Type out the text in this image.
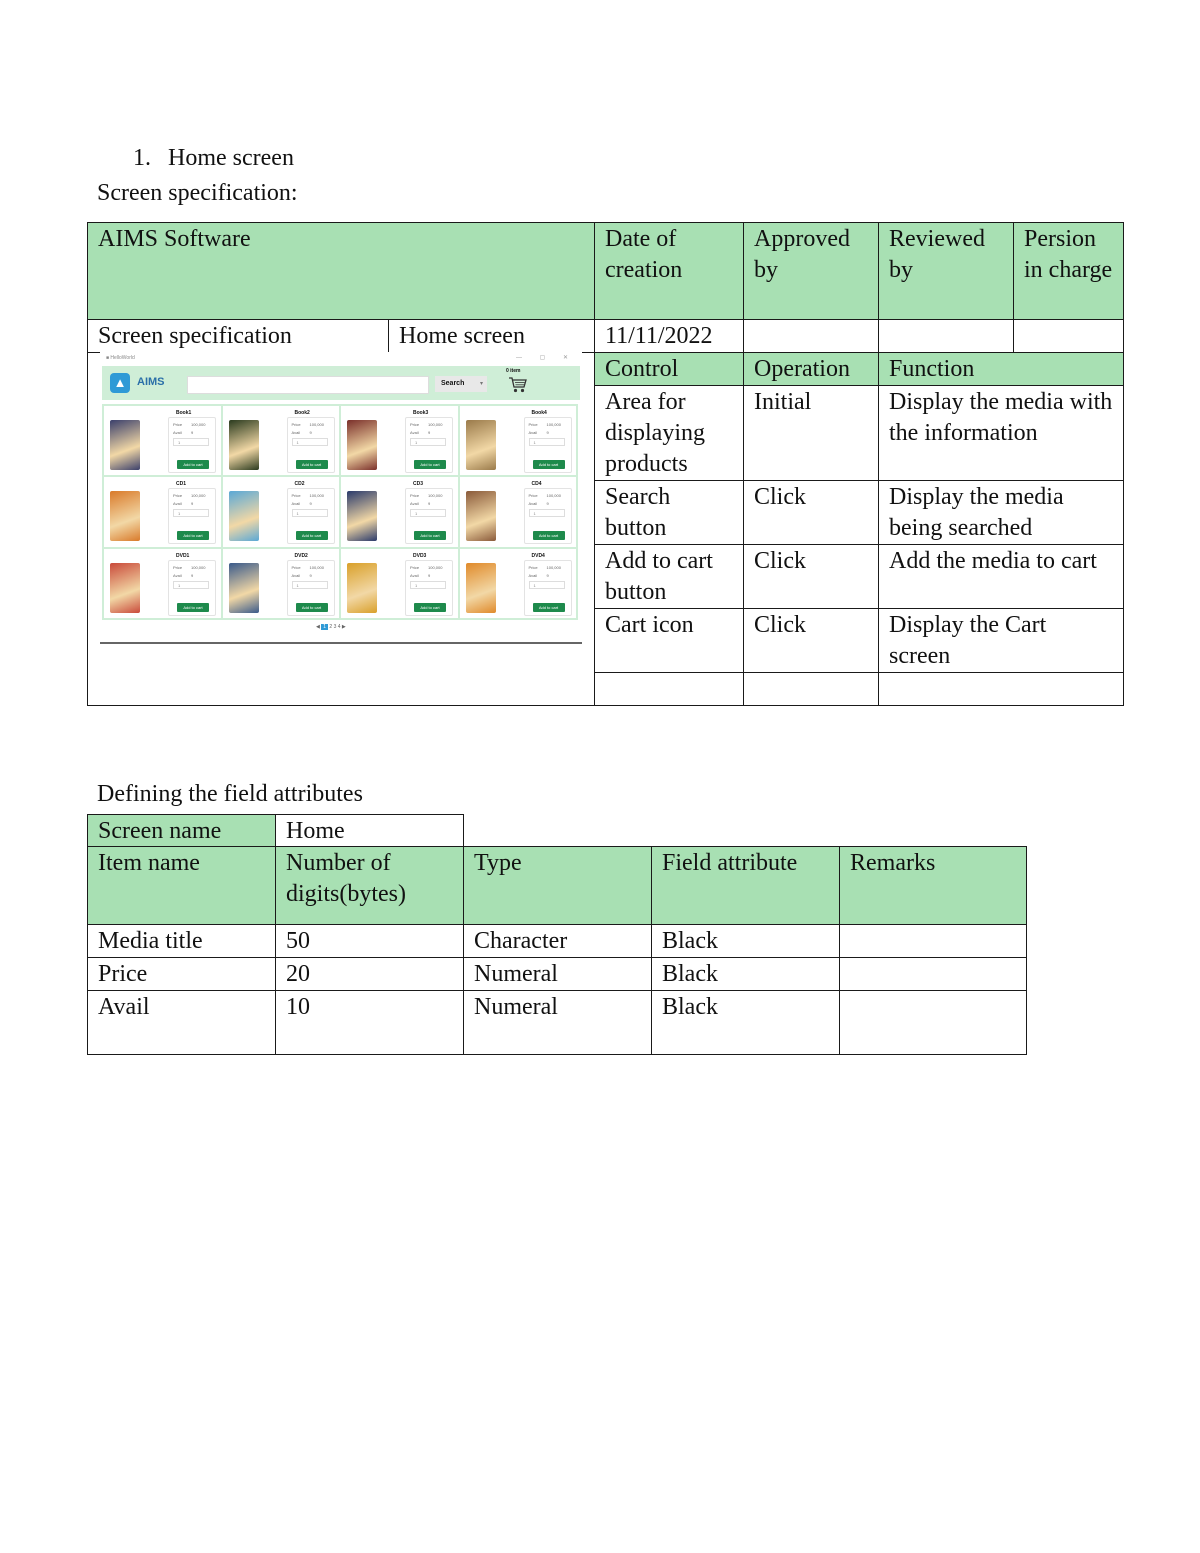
1. Home screen
Screen specification:
AIMS Software		Date of creation	Approved by	Reviewed by	Persion in charge
Screen specification	Home screen	11/11/2022			
		Control	Operation	Function	
		Area for displaying products	Initial	Display the media with the information	
		Search button	Click	Display the media being searched	
		Add to cart button	Click	Add the media to cart	
		Cart icon	Click	Display the Cart screen	

■ HelloWorld	— ▢ ✕
▲ AIMS	Search ▾
0 item
Book1
Price 100,000
Avail 9
1
Add to cart
Book2
Price 100,000
Avail 9
1
Add to cart
Book3
Price 100,000
Avail 9
1
Add to cart
Book4
Price 100,000
Avail 9
1
Add to cart
CD1
Price 100,000
Avail 9
1
Add to cart
CD2
Price 100,000
Avail 9
1
Add to cart
CD3
Price 100,000
Avail 9
1
Add to cart
CD4
Price 100,000
Avail 9
1
Add to cart
DVD1
Price 100,000
Avail 9
1
Add to cart
DVD2
Price 100,000
Avail 9
1
Add to cart
DVD3
Price 100,000
Avail 9
1
Add to cart
DVD4
Price 100,000
Avail 9
1
Add to cart
◀ 1 2 3 4 ▶
Defining the field attributes
Screen name	Home
Item name	Number of digits(bytes)	Type	Field attribute	Remarks
Media title	50	Character	Black	
Price	20	Numeral	Black	
Avail	10	Numeral	Black	
